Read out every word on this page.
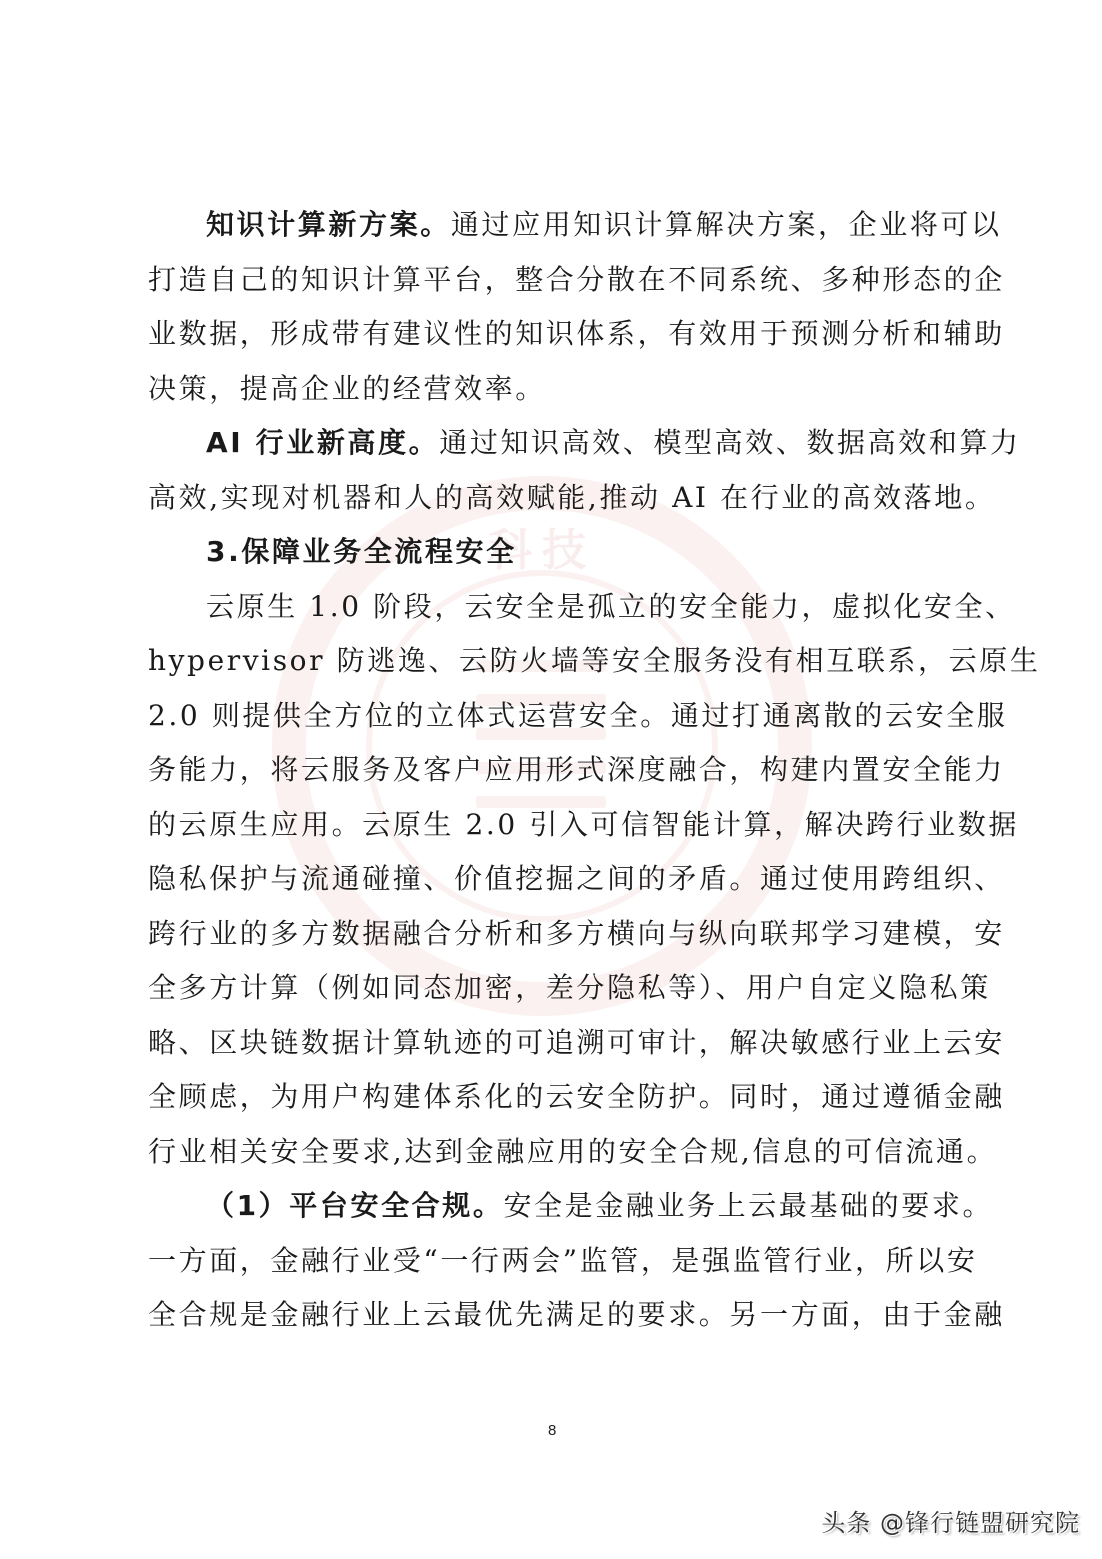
科技
知识计算新方案。通过应用知识计算解决方案，企业将可以
打造自己的知识计算平台，整合分散在不同系统、多种形态的企
业数据，形成带有建议性的知识体系，有效用于预测分析和辅助
决策，提高企业的经营效率。
AI 行业新高度。通过知识高效、模型高效、数据高效和算力
高效,实现对机器和人的高效赋能,推动 AI 在行业的高效落地。
3.保障业务全流程安全
云原生 1.0 阶段，云安全是孤立的安全能力，虚拟化安全、
hypervisor 防逃逸、云防火墙等安全服务没有相互联系，云原生
2.0 则提供全方位的立体式运营安全。通过打通离散的云安全服
务能力，将云服务及客户应用形式深度融合，构建内置安全能力
的云原生应用。云原生 2.0 引入可信智能计算，解决跨行业数据
隐私保护与流通碰撞、价值挖掘之间的矛盾。通过使用跨组织、
跨行业的多方数据融合分析和多方横向与纵向联邦学习建模，安
全多方计算（例如同态加密，差分隐私等）、用户自定义隐私策
略、区块链数据计算轨迹的可追溯可审计，解决敏感行业上云安
全顾虑，为用户构建体系化的云安全防护。同时，通过遵循金融
行业相关安全要求,达到金融应用的安全合规,信息的可信流通。
（1）平台安全合规。安全是金融业务上云最基础的要求。
一方面，金融行业受“一行两会”监管，是强监管行业，所以安
全合规是金融行业上云最优先满足的要求。另一方面，由于金融
8
头条 @锋行链盟研究院
